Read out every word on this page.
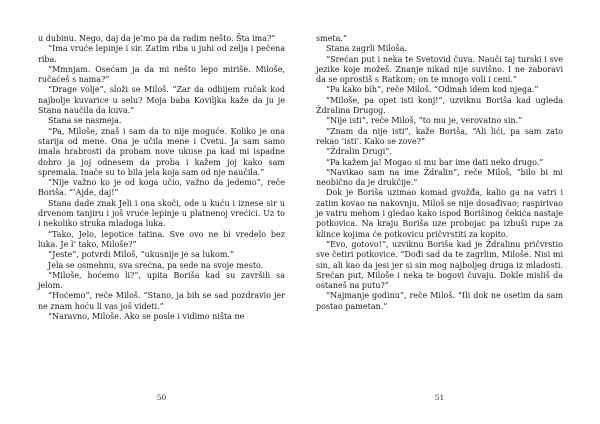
u dubinu. Nego, daj da je’mo pa da radim nešto. Šta ima?”

“Ima vruće lepinje i sir. Zatim riba u juhi od zelja i pečena riba.

“Mmnjam. Osećam ja da mi nešto lepo miriše. Miloše, ručaćeš s nama?”

“Drage volje”, složi se Miloš. “Zar da odbijem ručak kod najbolje kuvarice u selu? Moja baba Koviljka kaže da ju je Stana naučila da kuva.”

Stana se nasmeja.

“Pa, Miloše, znaš i sam da to nije moguće. Koliko je ona starija od mene. Ona je učila mene i Cvetu. Ja sam samo imala hrabrosti da probam nove ukuse pa kad mi ispadne dobro ja joj odnesem da proba i kažem joj kako sam spremala. Inače su to bila jela koja sam od nje naučila.”

“Nije važno ko je od koga učio, važno da jedemo”, reče Boriša. “’Ajde, daj!”

Stana dade znak Jeli i ona skoči, ode u kuću i iznese sir u drvenom tanjiru i još vruće lepinje u platnenoj vrećici. Uz to i nekoliko struka mladoga luka.

“Tako, Jelo, lepotice tatina. Sve ovo ne bi vredelo bez luka. Je l’ tako, Miloše?”

“Jeste”, potvrdi Miloš, “ukusnije je sa lukom.”

Jela se osmehnu, sva srećna, pa sede na svoje mesto.

“Miloše, hoćemo li?”, upita Boriša kad su završili sa jelom.

“Hoćemo”, reče Miloš. “Stano, ja bih se sad pozdravio jer ne znam hoću li vas još videti.”

“Naravno, Miloše. Ako se posle i vidimo ništa ne

50

smeta.”

Stana zagrli Miloša.

“Srećan put i neka te Svetovid čuva. Nauči taj turski i sve jezike koje možeš. Znanje nikad nije suvišno. I ne zaboravi da se oprostiš s Ratkom; on te mnogo voli i ceni.”

“Pa kako bih”, reče Miloš. “Odmah idem kod njega.”

“Miloše, pa opet isti konj!”, uzviknu Boriša kad ugleda Ždralina Drugog.

“Nije isti”, reče Miloš, “to mu je, verovatno sin.”

“Znam da nije isti”, kaže Boriša, “Ali lići, pa sam zato rekao ‘isti’. Kako se zove?”

“Ždralin Drugi”.

“Pa kažem ja! Mogao si mu bar ime dati neko drugo.”

“Navikao sam na ime Ždralin”, reče Miloš, “bilo bi mi neobično da je drukčije.”

Dok je Boriša uzimao komad gvožđa, kalio ga na vatri i zatim kovao na nakovnju, Miloš se nije dosađivao; raspirivao je vatru mehom i gledao kako ispod Borišinog čekića nastaje potkovica. Na kraju Boriša uze probojac pa izbuši rupe za klince kojima će potkovicu pričvrstiti za kopito.

“Evo, gotovo!”, uzviknu Boriša kad je Ždralinu pričvrstio sve četiri potkovice. “Dođi sad da te zagrlim, Miloše. Nisi mi sin, ali kao da jesi jer si sin mog najboljeg druga iz mladosti. Srećan put, Miloše i neka te bogovi čuvaju. Dokle misliš da ostaneš na putu?”

“Najmanje godinu”, reče Miloš. “Ili dok ne osetim da sam postao pametan.”

51
